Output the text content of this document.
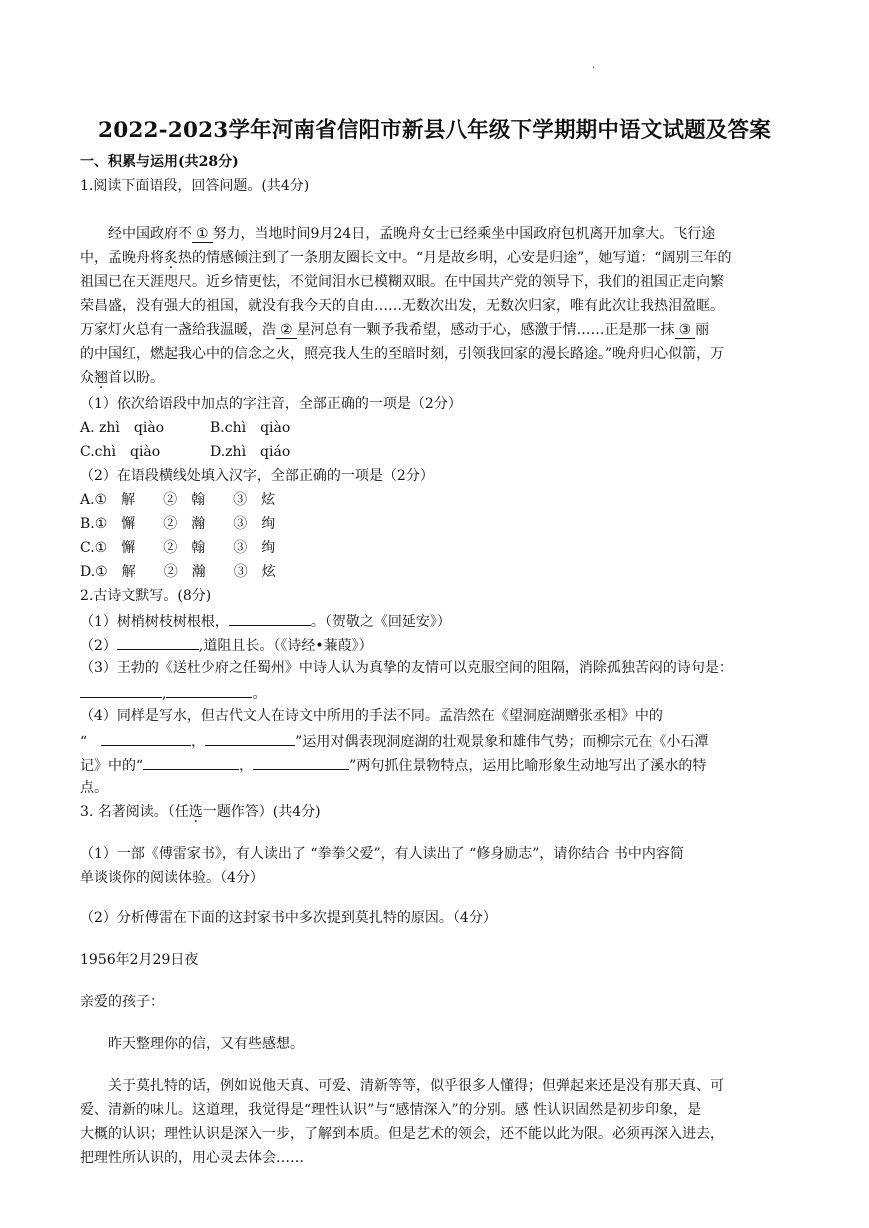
.
2022-2023学年河南省信阳市新县八年级下学期期中语文试题及答案
一、积累与运用(共28分)
1.阅读下面语段，回答问题。(共4分)
经中国政府不 ① 努力，当地时间9月24日，孟晚舟女士已经乘坐中国政府包机离开加拿大。飞行途
中，孟晚舟将炙热的情感倾注到了一条朋友圈长文中。“月是故乡明，心安是归途”，她写道：“阔别三年的
祖国已在天涯咫尺。近乡情更怯，不觉间泪水已模糊双眼。在中国共产党的领导下，我们的祖国正走向繁
荣昌盛，没有强大的祖国，就没有我今天的自由……无数次出发，无数次归家，唯有此次让我热泪盈眶。
万家灯火总有一盏给我温暖，浩 ② 星河总有一颗予我希望，感动于心，感激于情……正是那一抹 ③ 丽
的中国红，燃起我心中的信念之火，照亮我人生的至暗时刻，引领我回家的漫长路途。”晚舟归心似箭，万
众翘首以盼。
（1）依次给语段中加点的字注音，全部正确的一项是（2分）
A. zhì　qiào	B.chì　qiào
C.chì　qiào	D.zhì　qiáo
（2）在语段横线处填入汉字，全部正确的一项是（2分）
A.①　解　　②　翰　　③　炫
B.①　懈　　②　瀚　　③　绚
C.①　懈　　②　翰　　③　绚
D.①　解　　②　瀚　　③　炫
2.古诗文默写。(8分)
（1）树梢树枝树根根，	。（贺敬之《回延安》）
（2）	,道阻且长。（《诗经•蒹葭》）
（3）王勃的《送杜少府之任蜀州》中诗人认为真挚的友情可以克服空间的阻隔，消除孤独苦闷的诗句是：
,	。
（4）同样是写水，但古代文人在诗文中所用的手法不同。孟浩然在《望洞庭湖赠张丞相》中的
“	，	”运用对偶表现洞庭湖的壮观景象和雄伟气势；而柳宗元在《小石潭
记》中的“	，	”两句抓住景物特点，运用比喻形象生动地写出了溪水的特
点。
3. 名著阅读。（任选一题作答）(共4分)
（1）一部《傅雷家书》，有人读出了 “拳拳父爱”，有人读出了 “修身励志”，请你结合 书中内容简
单谈谈你的阅读体验。（4分）
（2）分析傅雷在下面的这封家书中多次提到莫扎特的原因。（4分）
1956年2月29日夜
亲爱的孩子：
昨天整理你的信，又有些感想。
关于莫扎特的话，例如说他天真、可爱、清新等等，似乎很多人懂得；但弹起来还是没有那天真、可
爱、清新的味儿。这道理，我觉得是“理性认识”与“感情深入”的分别。感 性认识固然是初步印象，是
大概的认识；理性认识是深入一步，了解到本质。但是艺术的领会，还不能以此为限。必须再深入进去，
把理性所认识的，用心灵去体会……
